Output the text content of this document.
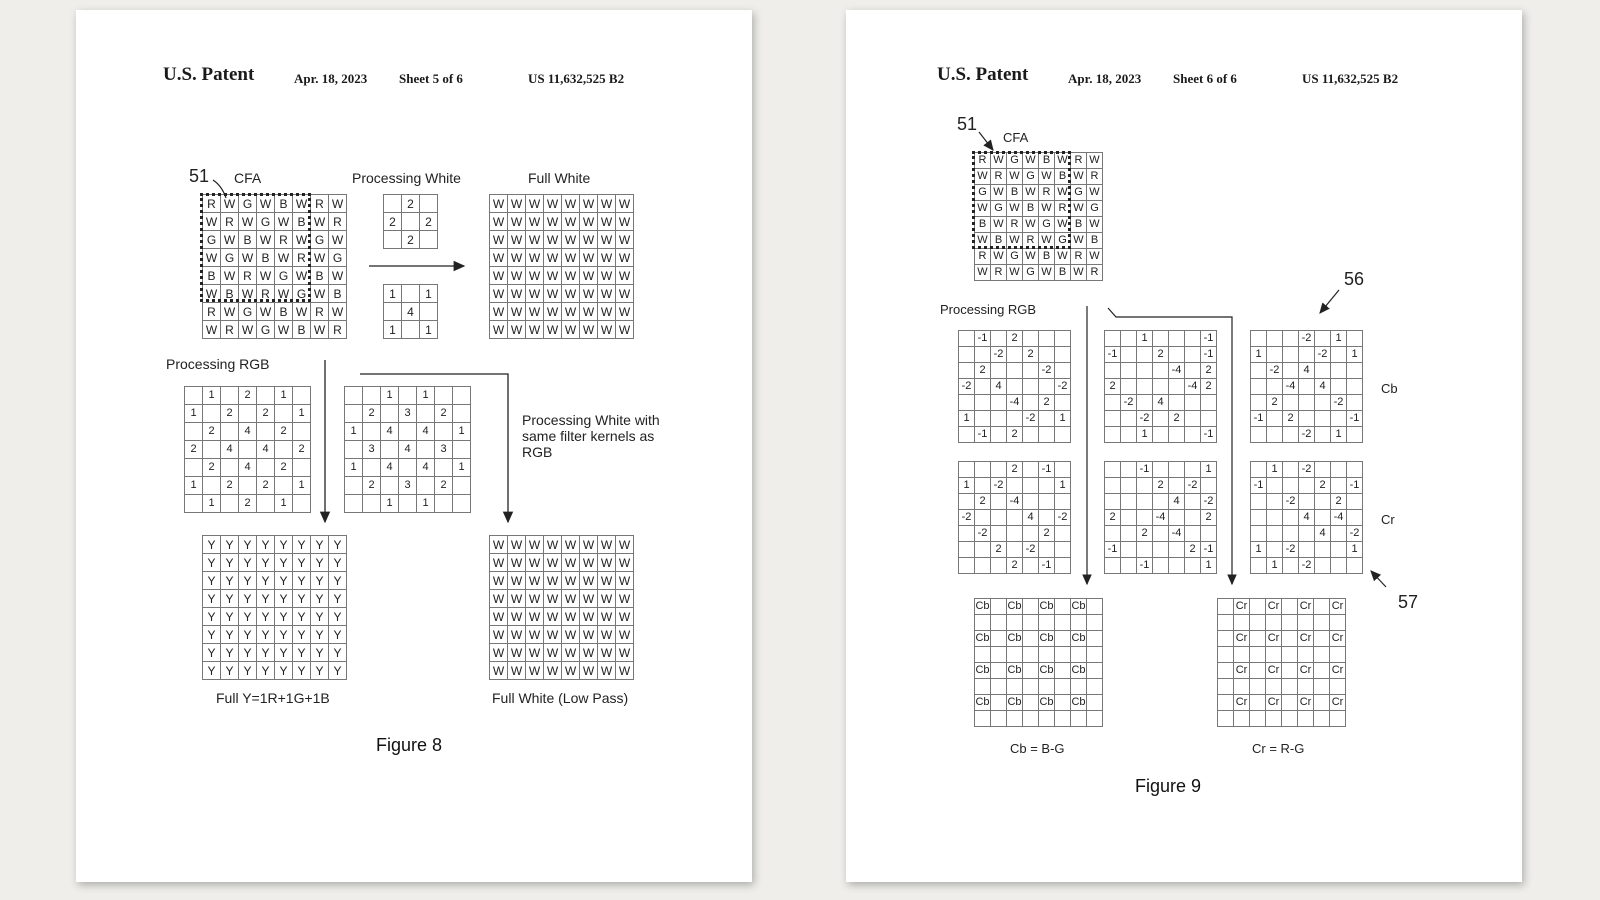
U.S. Patent	Apr. 18, 2023 Sheet 5 of 6	US 11,632,525 B2
51 CFA	Processing White	Full White
Processing RGB
Processing White with same filter kernels as RGB
Full Y=1R+1G+1B	Full White (Low Pass)
Figure 8
R	W	G	W	B	W	R	W
W	R	W	G	W	B	W	R
G	W	B	W	R	W	G	W
W	G	W	B	W	R	W	G
B	W	R	W	G	W	B	W
W	B	W	R	W	G	W	B
R	W	G	W	B	W	R	W
W	R	W	G	W	B	W	R
	2	
2		2
	2	
1		1
	4	
1		1
W	W	W	W	W	W	W	W
W	W	W	W	W	W	W	W
W	W	W	W	W	W	W	W
W	W	W	W	W	W	W	W
W	W	W	W	W	W	W	W
W	W	W	W	W	W	W	W
W	W	W	W	W	W	W	W
W	W	W	W	W	W	W	W
	1		2		1	
1		2		2		1
	2		4		2	
2		4		4		2
	2		4		2	
1		2		2		1
	1		2		1	
		1		1		
	2		3		2	
1		4		4		1
	3		4		3	
1		4		4		1
	2		3		2	
		1		1		
Y	Y	Y	Y	Y	Y	Y	Y
Y	Y	Y	Y	Y	Y	Y	Y
Y	Y	Y	Y	Y	Y	Y	Y
Y	Y	Y	Y	Y	Y	Y	Y
Y	Y	Y	Y	Y	Y	Y	Y
Y	Y	Y	Y	Y	Y	Y	Y
Y	Y	Y	Y	Y	Y	Y	Y
Y	Y	Y	Y	Y	Y	Y	Y
W	W	W	W	W	W	W	W
W	W	W	W	W	W	W	W
W	W	W	W	W	W	W	W
W	W	W	W	W	W	W	W
W	W	W	W	W	W	W	W
W	W	W	W	W	W	W	W
W	W	W	W	W	W	W	W
W	W	W	W	W	W	W	W
U.S. Patent	Apr. 18, 2023 Sheet 6 of 6	US 11,632,525 B2
51
CFA
Processing RGB
56
57
Cb
Cr
Cb = B-G	Cr = R-G
Figure 9
R	W	G	W	B	W	R	W
W	R	W	G	W	B	W	R
G	W	B	W	R	W	G	W
W	G	W	B	W	R	W	G
B	W	R	W	G	W	B	W
W	B	W	R	W	G	W	B
R	W	G	W	B	W	R	W
W	R	W	G	W	B	W	R
	-1		2			
		-2		2		
	2				-2	
-2		4				-2
			-4		2	
1				-2		1
	-1		2			
		1				-1
-1			2			-1
				-4		2
2					-4	2
	-2		4			
		-2		2		
		1				-1
			-2		1	
1				-2		1
	-2		4			
		-4		4		
	2				-2	
-1		2				-1
			-2		1	
			2		-1	
1		-2				1
	2		-4			
-2				4		-2
	-2				2	
		2		-2		
			2		-1	
		-1				1
			2		-2	
				4		-2
2			-4			2
		2		-4		
-1					2	-1
		-1				1
	1		-2			
-1				2		-1
		-2			2	
			4		-4	
				4		-2
1		-2				1
	1		-2			
Cb		Cb		Cb		Cb	

Cb		Cb		Cb		Cb	

Cb		Cb		Cb		Cb	

Cb		Cb		Cb		Cb	

	Cr		Cr		Cr		Cr

	Cr		Cr		Cr		Cr

	Cr		Cr		Cr		Cr

	Cr		Cr		Cr		Cr
